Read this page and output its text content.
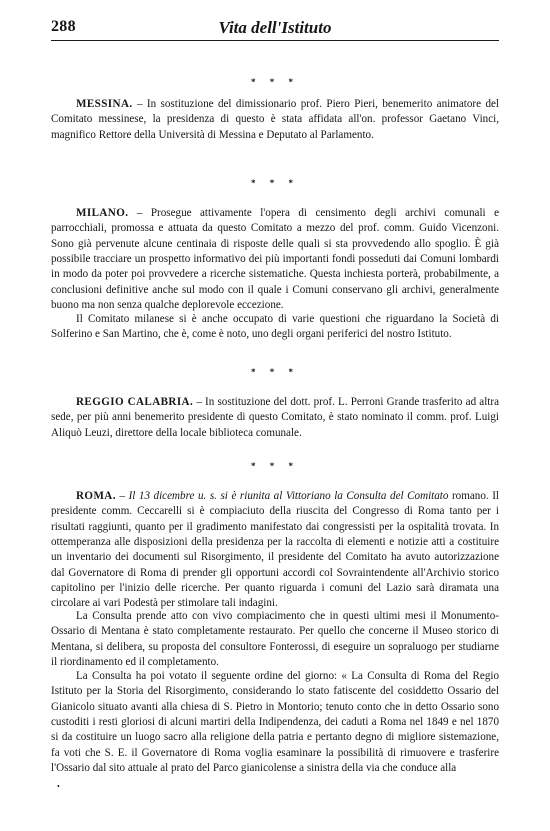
288	Vita dell'Istituto
* * *

MESSINA. – In sostituzione del dimissionario prof. Piero Pieri, benemerito animatore del Comitato messinese, la presidenza di questo è stata affidata all'on. professor Gaetano Vinci, magnifico Rettore della Università di Messina e Deputato al Parlamento.

* * *

MILANO. – Prosegue attivamente l'opera di censimento degli archivi comunali e parrocchiali, promossa e attuata da questo Comitato a mezzo del prof. comm. Guido Vicenzoni. Sono già pervenute alcune centinaia di risposte delle quali si sta provvedendo allo spoglio. È già possibile tracciare un prospetto informativo dei più importanti fondi posseduti dai Comuni lombardi in modo da poter poi provvedere a ricerche sistematiche. Questa inchiesta porterà, probabilmente, a conclusioni definitive anche sul modo con il quale i Comuni conservano gli archivi, generalmente buono ma non senza qualche deplorevole eccezione.

Il Comitato milanese si è anche occupato di varie questioni che riguardano la Società di Solferino e San Martino, che è, come è noto, uno degli organi periferici del nostro Istituto.

* * *

REGGIO CALABRIA. – In sostituzione del dott. prof. L. Perroni Grande trasferito ad altra sede, per più anni benemerito presidente di questo Comitato, è stato nominato il comm. prof. Luigi Aliquò Leuzi, direttore della locale biblioteca comunale.

* * *

ROMA. – Il 13 dicembre u. s. si è riunita al Vittoriano la Consulta del Comitato romano. Il presidente comm. Ceccarelli si è compiaciuto della riuscita del Congresso di Roma tanto per i risultati raggiunti, quanto per il gradimento manifestato dai congressisti per la ospitalità trovata. In ottemperanza alle disposizioni della presidenza per la raccolta di elementi e notizie atti a costituire un inventario dei documenti sul Risorgimento, il presidente del Comitato ha avuto autorizzazione dal Governatore di Roma di prender gli opportuni accordi col Sovraintendente all'Archivio storico capitolino per l'inizio delle ricerche. Per quanto riguarda i comuni del Lazio sarà diramata una circolare ai vari Podestà per stimolare tali indagini.

La Consulta prende atto con vivo compiacimento che in questi ultimi mesi il Monumento-Ossario di Mentana è stato completamente restaurato. Per quello che concerne il Museo storico di Mentana, si delibera, su proposta del consultore Fonterossi, di eseguire un sopraluogo per studiarne il riordinamento ed il completamento.

La Consulta ha poi votato il seguente ordine del giorno: « La Consulta di Roma del Regio Istituto per la Storia del Risorgimento, considerando lo stato fatiscente del cosiddetto Ossario del Gianicolo situato avanti alla chiesa di S. Pietro in Montorio; tenuto conto che in detto Ossario sono custoditi i resti gloriosi di alcuni martiri della Indipendenza, dei caduti a Roma nel 1849 e nel 1870 si da costituire un luogo sacro alla religione della patria e pertanto degno di migliore sistemazione, fa voti che S. E. il Governatore di Roma voglia esaminare la possibilità di rimuovere e trasferire l'Ossario dal sito attuale al prato del Parco gianicolense a sinistra della via che conduce alla

•
